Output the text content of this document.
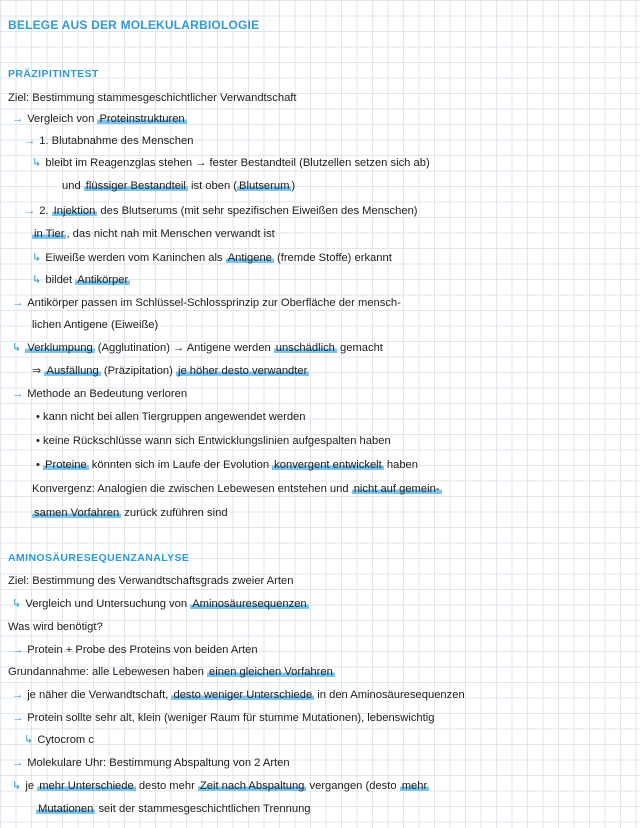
BELEGE AUS DER MOLEKULARBIOLOGIE
PRÄZIPITINTEST
Ziel: Bestimmung stammesgeschichtlicher Verwandtschaft
→ Vergleich von Proteinstrukturen
→ 1. Blutabnahme des Menschen
↳ bleibt im Reagenzglas stehen → fester Bestandteil (Blutzellen setzen sich ab)
und flüssiger Bestandteil ist oben ( Blutserum )
→ 2. Injektion des Blutserums (mit sehr spezifischen Eiweißen des Menschen)
in Tier , das nicht nah mit Menschen verwandt ist
↳ Eiweiße werden vom Kaninchen als Antigene (fremde Stoffe) erkannt
↳ bildet Antikörper
→ Antikörper passen im Schlüssel-Schlossprinzip zur Oberfläche der mensch-
lichen Antigene (Eiweiße)
↳ Verklumpung (Agglutination) → Antigene werden unschädlich gemacht
⇒ Ausfällung (Präzipitation) je höher desto verwandter
→ Methode an Bedeutung verloren
• kann nicht bei allen Tiergruppen angewendet werden
• keine Rückschlüsse wann sich Entwicklungslinien aufgespalten haben
• Proteine könnten sich im Laufe der Evolution konvergent entwickelt haben
Konvergenz: Analogien die zwischen Lebewesen entstehen und nicht auf gemein-
samen Vorfahren zurück zuführen sind
AMINOSÄURESEQUENZANALYSE
Ziel: Bestimmung des Verwandtschaftsgrads zweier Arten
↳ Vergleich und Untersuchung von Aminosäuresequenzen
Was wird benötigt?
→ Protein + Probe des Proteins von beiden Arten
Grundannahme: alle Lebewesen haben einen gleichen Vorfahren
→ je näher die Verwandtschaft, desto weniger Unterschiede in den Aminosäuresequenzen
→ Protein sollte sehr alt, klein (weniger Raum für stumme Mutationen), lebenswichtig
↳ Cytocrom c
→ Molekulare Uhr: Bestimmung Abspaltung von 2 Arten
↳ je mehr Unterschiede desto mehr Zeit nach Abspaltung vergangen (desto mehr
Mutationen seit der stammesgeschichtlichen Trennung
